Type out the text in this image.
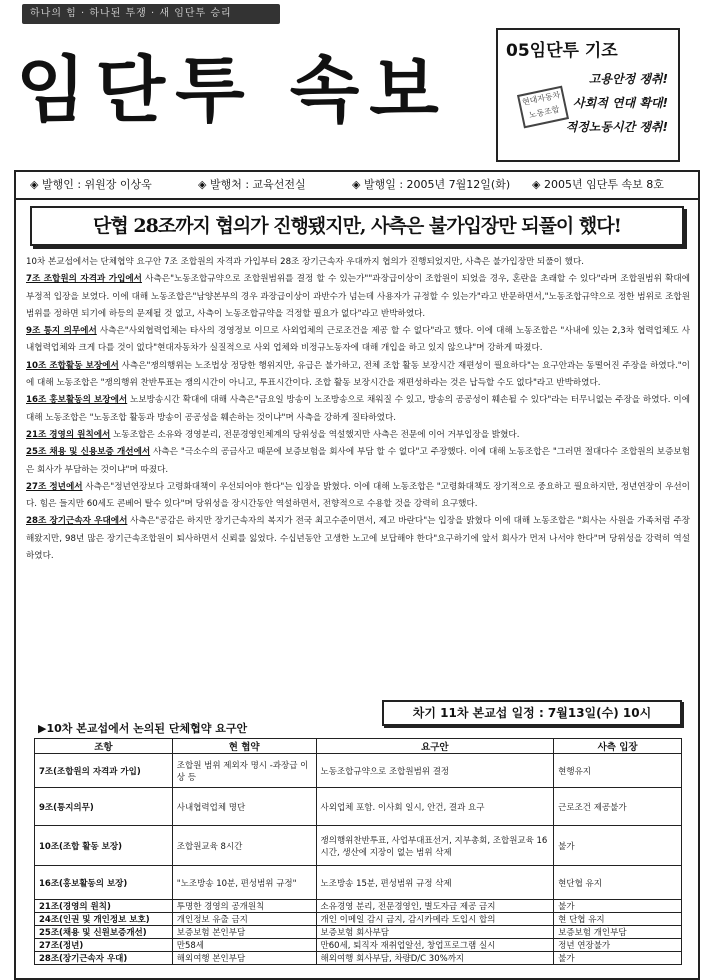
하나의 힘 · 하나된 투쟁 · 새 임단투 승리
임단투 속보	05임단투 기조
고용안정 쟁취!
사회적 연대 확대!
적정노동시간 쟁취!
현대자동차 노동조합
◈ 발행인 : 위원장 이상욱	◈ 발행처 : 교육선전실	◈ 발행일 : 2005년 7월12일(화) ◈ 2005년 임단투 속보 8호
단협 28조까지 협의가 진행됐지만, 사측은 불가입장만 되풀이 했다!

10차 본교섭에서는 단체협약 요구안 7조 조합원의 자격과 가입부터 28조 장기근속자 우대까지 협의가 진행되었지만, 사측은 불가입장만 되풀이 했다.

7조 조합원의 자격과 가입에서 사측은"노동조합규약으로 조합원범위를 결정 할 수 있는가""과장급이상이 조합원이 되었을 경우, 혼란을 초래할 수 있다"라며 조합원범위 확대에 부정적 입장을 보였다. 이에 대해 노동조합은"남양본부의 경우 과장급이상이 과반수가 넘는데 사용자가 규정할 수 있는가"라고 반문하면서,"노동조합규약으로 정한 범위로 조합원범위를 정하면 되기에 하등의 문제될 것 없고, 사측이 노동조합규약을 걱정할 필요가 없다"라고 반박하였다.

9조 통지 의무에서 사측은"사외협력업체는 타사의 경영정보 이므로 사외업체의 근로조건을 제공 할 수 없다"라고 했다. 이에 대해 노동조합은 "사내에 있는 2,3차 협력업체도 사내협력업체와 크게 다를 것이 없다"현대자동차가 실질적으로 사외 업체와 비정규노동자에 대해 개입을 하고 있지 않으냐"며 강하게 따졌다.

10조 조합활동 보장에서 사측은"쟁의행위는 노조법상 정당한 행위지만, 유급은 불가하고, 전체 조합 활동 보장시간 재편성이 필요하다"는 요구안과는 동떨어진 주장을 하였다."이에 대해 노동조합은 "쟁의행위 찬반투표는 쟁의시간이 아니고, 투표시간이다. 조합 활동 보장시간을 재편성하라는 것은 납득할 수도 없다"라고 반박하였다.

16조 홍보활동의 보장에서 노보방송시간 확대에 대해 사측은"금요일 방송이 노조방송으로 채워질 수 있고, 방송의 공공성이 훼손될 수 있다"라는 터무니없는 주장을 하였다. 이에 대해 노동조합은 "노동조합 활동과 방송이 공공성을 훼손하는 것이냐"며 사측을 강하게 질타하였다.

21조 경영의 원칙에서 노동조합은 소유와 경영분리, 전문경영인체계의 당위성을 역설했지만 사측은 전문에 이어 거부입장을 밝혔다.

25조 채용 및 신용보증 개선에서 사측은 "극소수의 공금사고 때문에 보증보험을 회사에 부담 할 수 없다"고 주장했다. 이에 대해 노동조합은 "그러면 절대다수 조합원의 보증보험은 회사가 부담하는 것이냐"며 따졌다.

27조 정년에서 사측은"정년연장보다 고령화대책이 우선되어야 한다"는 입장을 밝혔다. 이에 대해 노동조합은 "고령화대책도 장기적으로 중요하고 필요하지만, 정년연장이 우선이다. 힘은 들지만 60세도 콘베어 탈수 있다"며 당위성을 장시간동안 역설하면서, 전향적으로 수용할 것을 강력히 요구했다.

28조 장기근속자 우대에서 사측은"공감은 하지만 장기근속자의 복지가 전국 최고수준이면서, 제고 바란다"는 입장을 밝혔다 이에 대해 노동조합은 "회사는 사원을 가족처럼 주장해왔지만, 98년 많은 장기근속조합원이 퇴사하면서 신뢰를 잃었다. 수십년동안 고생한 노고에 보답해야 한다"요구하기에 앞서 회사가 먼저 나서야 한다"며 당위성을 강력히 역설하였다.

차기 11차 본교섭 일정 : 7월13일(수) 10시
▶10차 본교섭에서 논의된 단체협약 요구안
조항	현 협약	요구안	사측 입장
7조(조합원의 자격과 가입)	조합원 범위 제외자 명시 -과장급 이상 등	노동조합규약으로 조합원범위 결정	현행유지
9조(통지의무)	사내협력업체 명단	사외업체 포함. 이사회 일시, 안건, 결과 요구	근로조건 제공불가
10조(조합 활동 보장)	조합원교육 8시간	쟁의행위찬반투표, 사업부대표선거, 지부총회, 조합원교육 16시간, 생산에 지장이 없는 범위 삭제	불가
16조(홍보활동의 보장)	"노조방송 10분, 편성범위 규정"	노조방송 15분, 편성범위 규정 삭제	현단협 유지
21조(경영의 원칙)	투명한 경영의 공개원칙	소유경영 분리, 전문경영인, 별도자금 제공 금지	불가
24조(인권 및 개인정보 보호)	개인정보 유출 금지	개인 이메일 감시 금지, 감시카메라 도입시 합의	현 단협 유지
25조(채용 및 신원보증개선)	보증보험 본인부담	보증보험 회사부담	보증보험 개인부담
27조(정년)	만58세	만60세, 퇴직자 재취업알선, 창업프로그램 실시	정년 연장불가
28조(장기근속자 우대)	해외여행 본인부담	해외여행 회사부담, 차량D/C 30%까지	불가
